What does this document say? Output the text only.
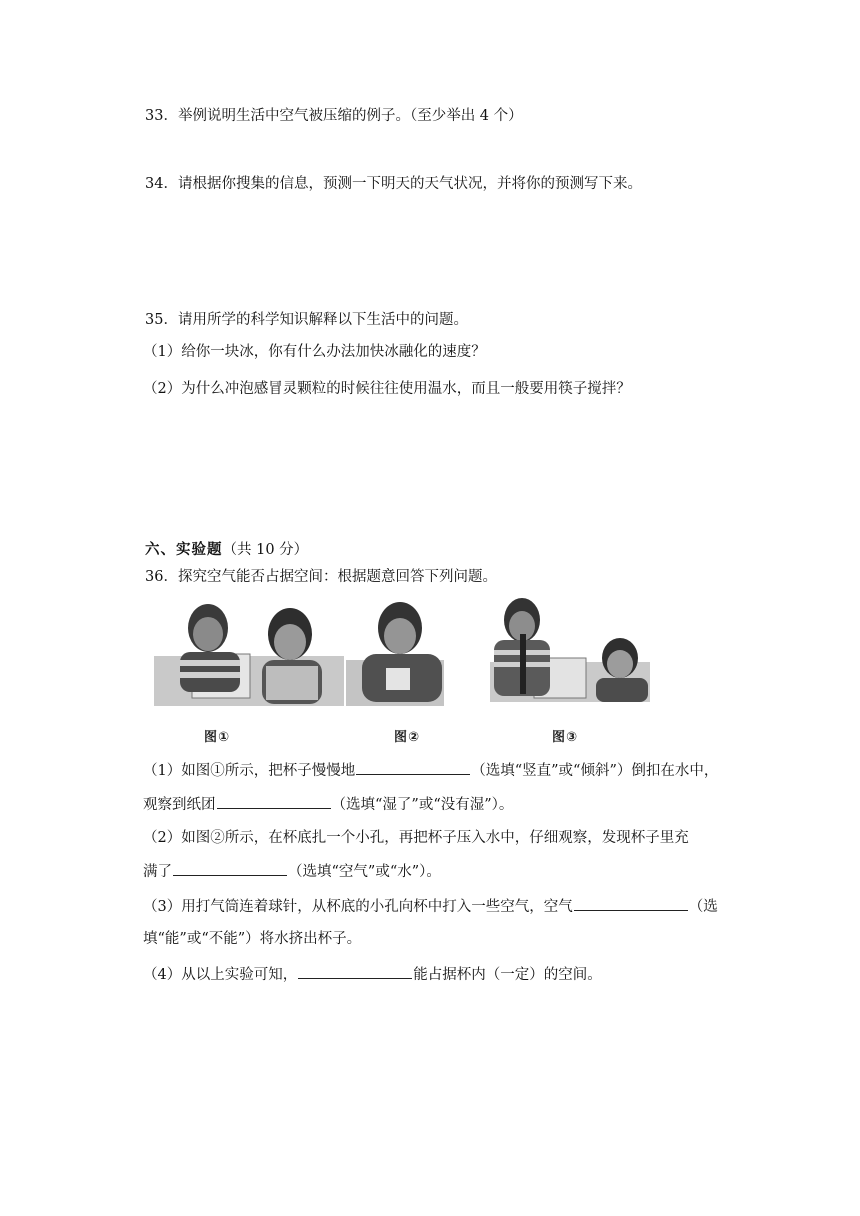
33．举例说明生活中空气被压缩的例子。（至少举出 4 个）
34．请根据你搜集的信息，预测一下明天的天气状况，并将你的预测写下来。
35．请用所学的科学知识解释以下生活中的问题。
（1）给你一块冰，你有什么办法加快冰融化的速度？
（2）为什么冲泡感冒灵颗粒的时候往往使用温水，而且一般要用筷子搅拌？
六、实验题（共 10 分）
36．探究空气能否占据空间：根据题意回答下列问题。
图①	图②	图③
（1）如图①所示，把杯子慢慢地	（选填“竖直”或“倾斜”）倒扣在水中，
观察到纸团	（选填“湿了”或“没有湿”）。
（2）如图②所示，在杯底扎一个小孔，再把杯子压入水中，仔细观察，发现杯子里充
满了	（选填“空气”或“水”）。
（3）用打气筒连着球针，从杯底的小孔向杯中打入一些空气，空气	（选
填“能”或“不能”）将水挤出杯子。
（4）从以上实验可知，	能占据杯内（一定）的空间。
